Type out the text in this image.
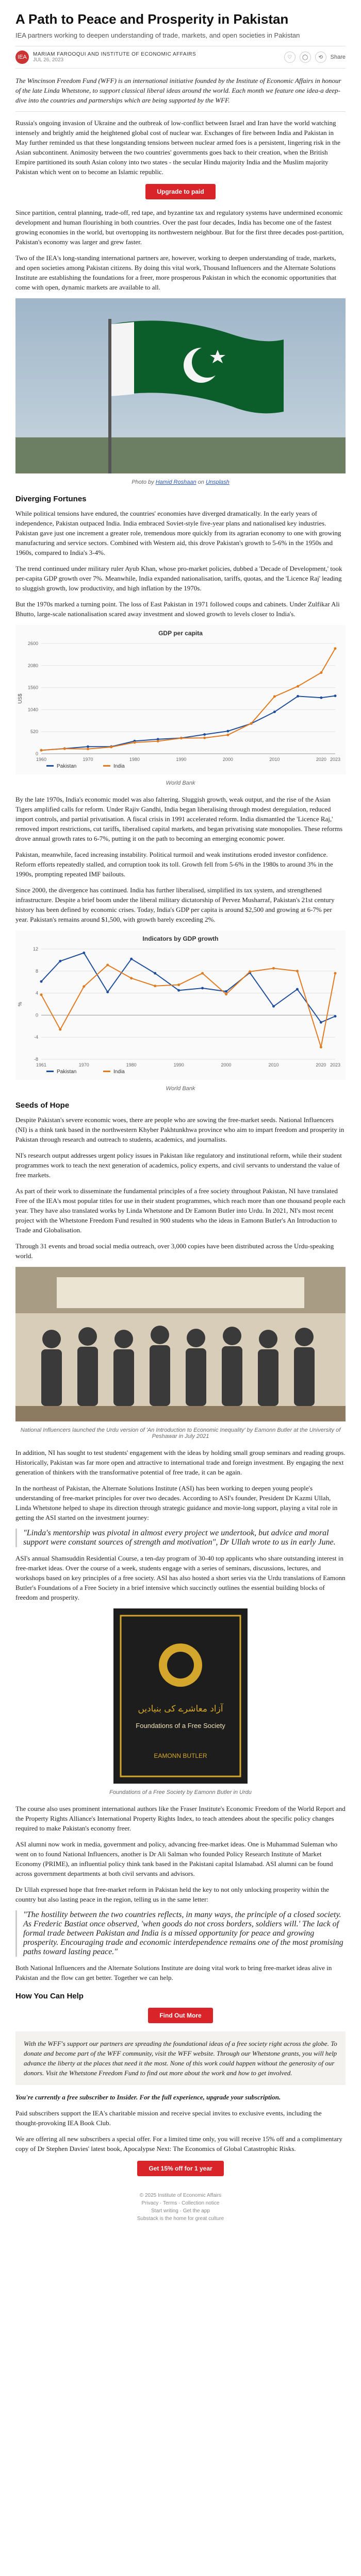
A Path to Peace and Prosperity in Pakistan
IEA partners working to deepen understanding of trade, markets, and open societies in Pakistan
IEA	MARIAM FAROOQUI AND INSTITUTE OF ECONOMIC AFFAIRS
JUL 26, 2023	♡	◯	⟲	Share

The Wincinson Freedom Fund (WFF) is an international initiative founded by the Institute of Economic Affairs in honour of the late Linda Whetstone, to support classical liberal ideas around the world. Each month we feature one idea-a deep-dive into the countries and partnerships which are being supported by the WFF.

Russia's ongoing invasion of Ukraine and the outbreak of low-conflict between Israel and Iran have the world watching intensely and brightly amid the heightened global cost of nuclear war. Exchanges of fire between India and Pakistan in May further reminded us that these longstanding tensions between nuclear armed foes is a persistent, lingering risk in the Asian subcontinent. Animosity between the two countries' governments goes back to their creation, when the British Empire partitioned its south Asian colony into two states - the secular Hindu majority India and the Muslim majority Pakistan which went on to become an Islamic republic.

Upgrade to paid

Since partition, central planning, trade-off, red tape, and byzantine tax and regulatory systems have undermined economic development and human flourishing in both countries. Over the past four decades, India has become one of the fastest growing economies in the world, but overtopping its northwestern neighbour. But for the first three decades post-partition, Pakistan's economy was larger and grew faster.

Two of the IEA's long-standing international partners are, however, working to deepen understanding of trade, markets, and open societies among Pakistan citizens. By doing this vital work, Thousand Influencers and the Alternate Solutions Institute are establishing the foundations for a freer, more prosperous Pakistan in which the economic opportunities that come with open, dynamic markets are available to all.

Photo by Hamid Roshaan on Unsplash
Diverging Fortunes

While political tensions have endured, the countries' economies have diverged dramatically. In the early years of independence, Pakistan outpaced India. India embraced Soviet-style five-year plans and nationalised key industries. Pakistan gave just one increment a greater role, tremendous more quickly from its agrarian economy to one with growing manufacturing and service sectors. Combined with Western aid, this drove Pakistan's growth to 5-6% in the 1950s and 1960s, compared to India's 3-4%.

The trend continued under military ruler Ayub Khan, whose pro-market policies, dubbed a 'Decade of Development,' took per-capita GDP growth over 7%. Meanwhile, India expanded nationalisation, tariffs, quotas, and the 'Licence Raj' leading to sluggish growth, low productivity, and high inflation by the 1970s.

But the 1970s marked a turning point. The loss of East Pakistan in 1971 followed coups and cabinets. Under Zulfikar Ali Bhutto, large-scale nationalisation scared away investment and slowed growth to levels closer to India's.

GDP per capita
0
520
1040
1560
2080
2600
1960	1970	1980	1990	2000	2010	2020 2023
Pakistan	India
US$
World Bank

By the late 1970s, India's economic model was also faltering. Sluggish growth, weak output, and the rise of the Asian Tigers amplified calls for reform. Under Rajiv Gandhi, India began liberalising through modest deregulation, reduced import controls, and partial privatisation. A fiscal crisis in 1991 accelerated reform. India dismantled the 'Licence Raj,' removed import restrictions, cut tariffs, liberalised capital markets, and began privatising state monopolies. These reforms drove annual growth rates to 6-7%, putting it on the path to becoming an emerging economic power.

Pakistan, meanwhile, faced increasing instability. Political turmoil and weak institutions eroded investor confidence. Reform efforts repeatedly stalled, and corruption took its toll. Growth fell from 5-6% in the 1980s to around 3% in the 1990s, prompting repeated IMF bailouts.

Since 2000, the divergence has continued. India has further liberalised, simplified its tax system, and strengthened infrastructure. Despite a brief boom under the liberal military dictatorship of Pervez Musharraf, Pakistan's 21st century history has been defined by economic crises. Today, India's GDP per capita is around $2,500 and growing at 6-7% per year. Pakistan's remains around $1,500, with growth barely exceeding 2%.

Indicators by GDP growth
-8
-4
0
4
8
12
1961	1970	1980	1990	2000	2010	2020 2023
Pakistan	India
%
World Bank
Seeds of Hope

Despite Pakistan's severe economic woes, there are people who are sowing the free-market seeds. National Influencers (NI) is a think tank based in the northwestern Khyber Pakhtunkhwa province who aim to impart freedom and prosperity in Pakistan through research and outreach to students, academics, and journalists.

NI's research output addresses urgent policy issues in Pakistan like regulatory and institutional reform, while their student programmes work to teach the next generation of academics, policy experts, and civil servants to understand the value of free markets.

As part of their work to disseminate the fundamental principles of a free society throughout Pakistan, NI have translated Free of the IEA's most popular titles for use in their student programmes, which reach more than one thousand people each year. They have also translated works by Linda Whetstone and Dr Eamonn Butler into Urdu. In 2021, NI's most recent project with the Whetstone Freedom Fund resulted in 900 students who the ideas in Eamonn Butler's An Introduction to Trade and Globalisation.

Through 31 events and broad social media outreach, over 3,000 copies have been distributed across the Urdu-speaking world.

National Influencers launched the Urdu version of 'An Introduction to Economic Inequality' by Eamonn Butler at the University of Peshawar in July 2021

In addition, NI has sought to test students' engagement with the ideas by holding small group seminars and reading groups. Historically, Pakistan was far more open and attractive to international trade and foreign investment. By engaging the next generation of thinkers with the transformative potential of free trade, it can be again.

In the northeast of Pakistan, the Alternate Solutions Institute (ASI) has been working to deepen young people's understanding of free-market principles for over two decades. According to ASI's founder, President Dr Kazmi Ullah, Linda Whetstone helped to shape its direction through strategic guidance and movie-long support, playing a vital role in getting the ASI started on the investment journey:

"Linda's mentorship was pivotal in almost every project we undertook, but advice and moral support were constant sources of strength and motivation", Dr Ullah wrote to us in early June.

ASI's annual Shamsuddin Residential Course, a ten-day program of 30-40 top applicants who share outstanding interest in free-market ideas. Over the course of a week, students engage with a series of seminars, discussions, lectures, and workshops based on key principles of a free society. ASI has also hosted a short series via the Urdu translations of Eamonn Butler's Foundations of a Free Society in a brief intensive which succinctly outlines the essential building blocks of freedom and prosperity.

آزاد معاشرے کی بنیادیں
Foundations of a Free Society
EAMONN BUTLER
Foundations of a Free Society by Eamonn Butler in Urdu

The course also uses prominent international authors like the Fraser Institute's Economic Freedom of the World Report and the Property Rights Alliance's International Property Rights Index, to teach attendees about the specific policy changes required to make Pakistan's economy freer.

ASI alumni now work in media, government and policy, advancing free-market ideas. One is Muhammad Suleman who went on to found National Influencers, another is Dr Ali Salman who founded Policy Research Institute of Market Economy (PRIME), an influential policy think tank based in the Pakistani capital Islamabad. ASI alumni can be found across government departments at both civil servants and advisors.

Dr Ullah expressed hope that free-market reform in Pakistan held the key to not only unlocking prosperity within the country but also lasting peace in the region, telling us in the same letter:

"The hostility between the two countries reflects, in many ways, the principle of a closed society. As Frederic Bastiat once observed, 'when goods do not cross borders, soldiers will.' The lack of formal trade between Pakistan and India is a missed opportunity for peace and growing prosperity. Encouraging trade and economic interdependence remains one of the most promising paths toward lasting peace."

Both National Influencers and the Alternate Solutions Institute are doing vital work to bring free-market ideas alive in Pakistan and the flow can get better. Together we can help.

How You Can Help
Find Out More

With the WFF's support our partners are spreading the foundational ideas of a free society right across the globe. To donate and become part of the WFF community, visit the WFF website. Through our Whetstone grants, you will help advance the liberty at the places that need it the most. None of this work could happen without the generosity of our donors. Visit the Whetstone Freedom Fund to find out more about the work and how to get involved.

You're currently a free subscriber to Insider. For the full experience, upgrade your subscription.

Paid subscribers support the IEA's charitable mission and receive special invites to exclusive events, including the thought-provoking IEA Book Club.

We are offering all new subscribers a special offer. For a limited time only, you will receive 15% off and a complimentary copy of Dr Stephen Davies' latest book, Apocalypse Next: The Economics of Global Catastrophic Risks.

Get 15% off for 1 year
© 2025 Institute of Economic Affairs
Privacy · Terms · Collection notice
Start writing · Get the app
Substack is the home for great culture
